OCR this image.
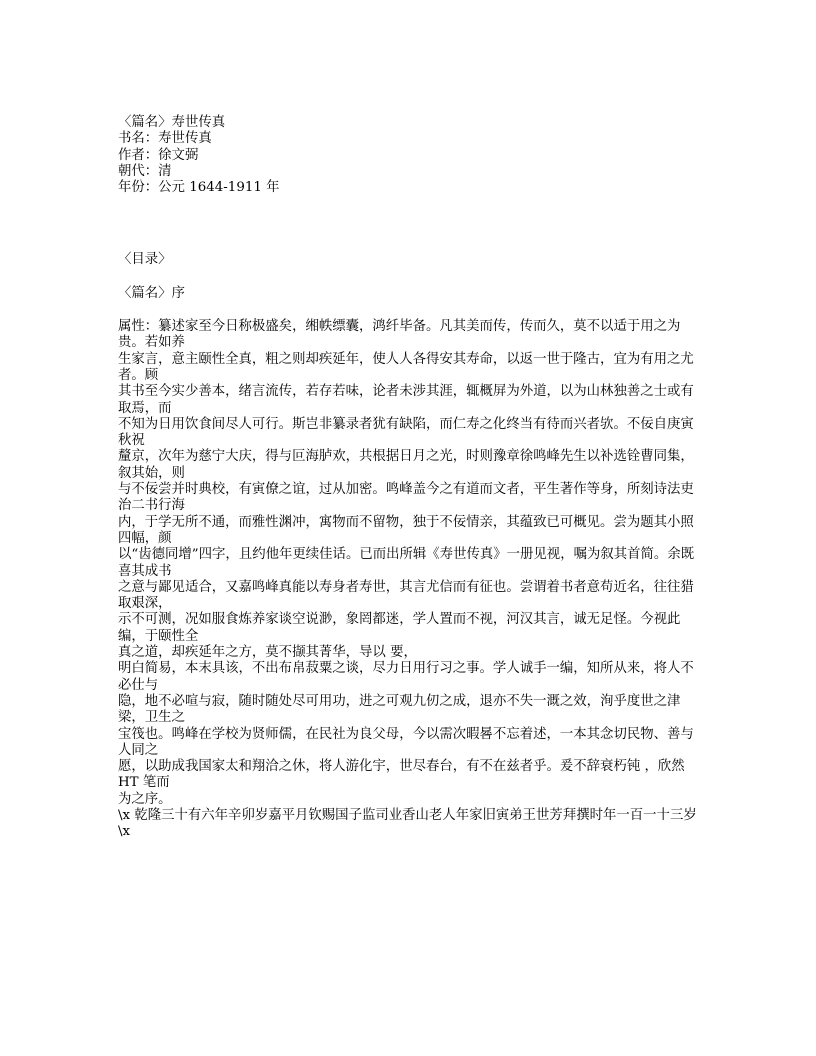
〈篇名〉寿世传真
书名：寿世传真
作者：徐文弼
朝代：清
年份：公元 1644-1911 年
〈目录〉
〈篇名〉序
属性：纂述家至今日称极盛矣，缃帙缥囊，鸿纤毕备。凡其美而传，传而久，莫不以适于用之为贵。若如养
生家言，意主颐性全真，粗之则却疾延年，使人人各得安其寿命，以返一世于隆古，宜为有用之尤者。顾
其书至今实少善本，绪言流传，若存若味，论者未涉其涯，辄概屏为外道，以为山林独善之士或有取焉，而
不知为日用饮食间尽人可行。斯岂非纂录者犹有缺陷，而仁寿之化终当有待而兴者欤。不佞自庚寅秋祝
釐京，次年为慈宁大庆，得与叵海胪欢，共根据日月之光，时则豫章徐鸣峰先生以补选铨曹同集，叙其始，则
与不佞尝并时典校，有寅僚之谊，过从加密。鸣峰盖今之有道而文者，平生著作等身，所刻诗法吏治二书行海
内，于学无所不通，而雅性渊冲，寓物而不留物，独于不佞情亲，其蕴致已可概见。尝为题其小照四幅，颜
以“齿德同增”四字，且约他年更续佳话。已而出所辑《寿世传真》一册见视，嘱为叙其首简。余既喜其成书
之意与鄙见适合，又嘉鸣峰真能以寿身者寿世，其言尤信而有征也。尝谓着书者意苟近名，往往猎取艰深，
示不可测，况如服食炼养家谈空说渺，象罔都迷，学人置而不视，河汉其言，诚无足怪。今视此编，于颐性全
真之道，却疾延年之方，莫不撷其菁华，导以 要，
明白简易，本末具该，不出布帛菽粟之谈，尽力日用行习之事。学人诚手一编，知所从来，将人不必仕与
隐，地不必喧与寂，随时随处尽可用功，进之可观九仞之成，退亦不失一溉之效，洵乎度世之津梁，卫生之
宝筏也。鸣峰在学校为贤师儒，在民社为良父母，今以需次暇晷不忘着述，一本其念切民物、善与人同之
愿，以助成我国家太和翔洽之休，将人游化宇，世尽春台，有不在兹者乎。爰不辞衰朽钝 ，欣然 HT 笔而
为之序。
\x 乾隆三十有六年辛卯岁嘉平月钦赐国子监司业香山老人年家旧寅弟王世芳拜撰时年一百一十三岁\x
